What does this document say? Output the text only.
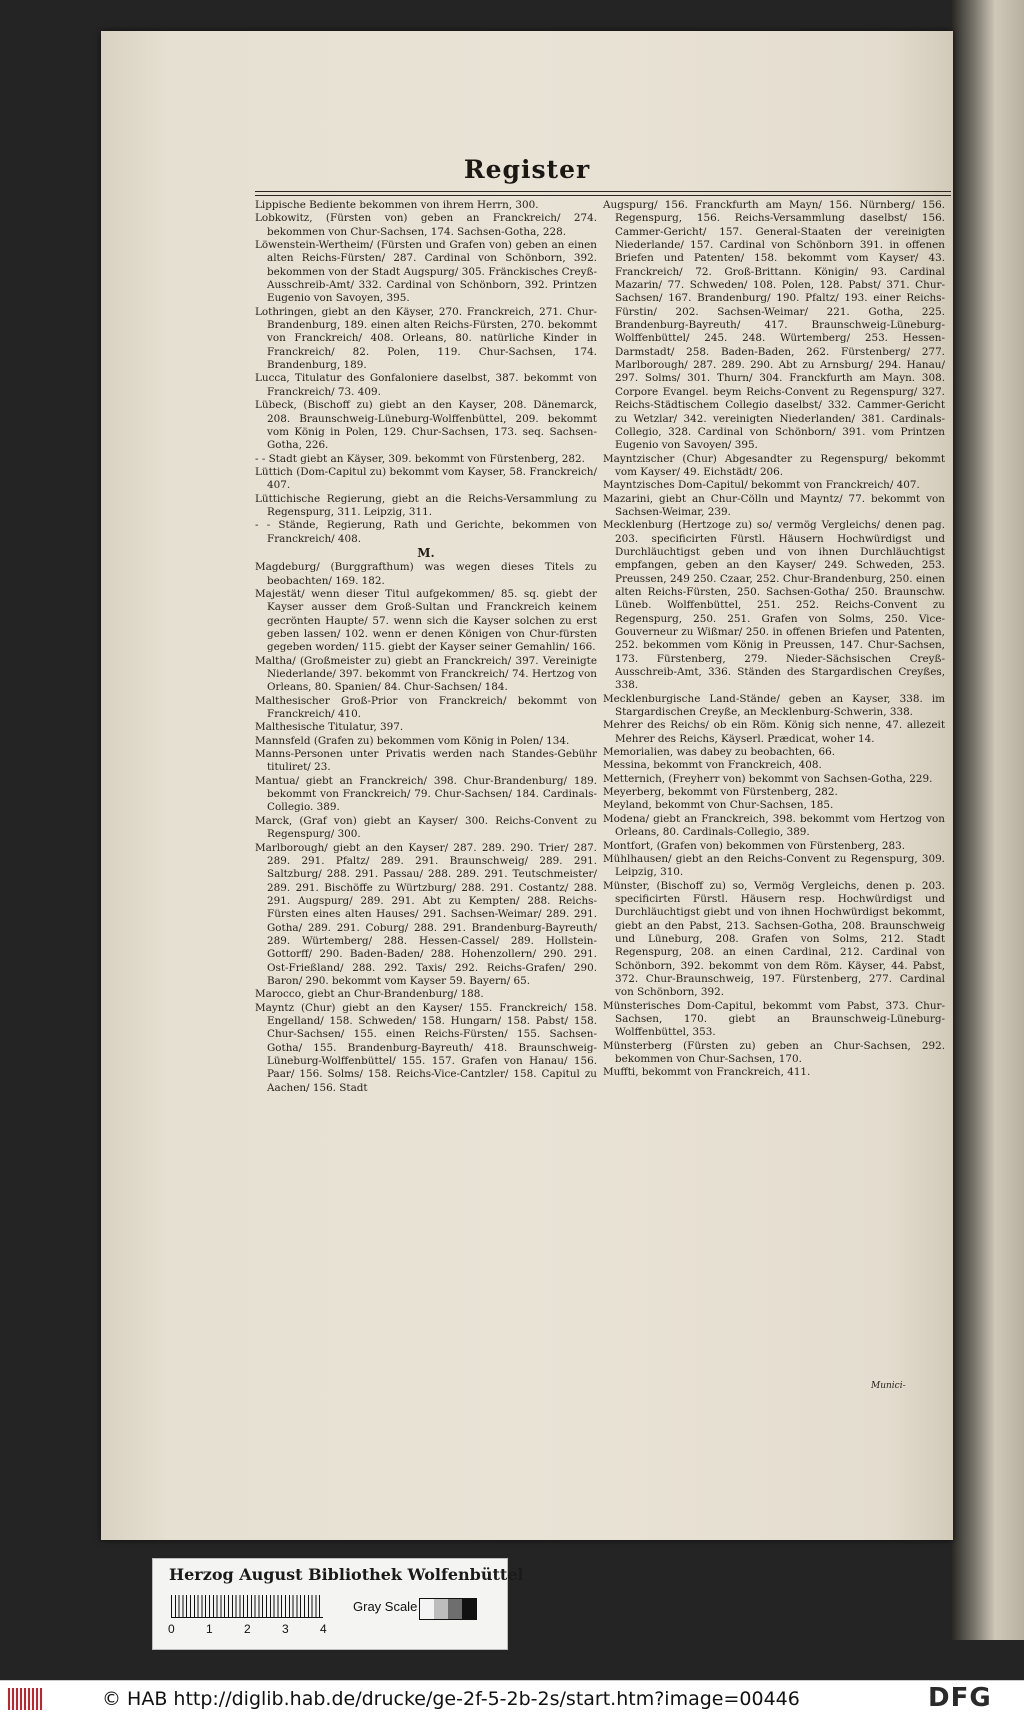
Register

Lippische Bediente bekommen von ihrem Herrn, 300.

Lobkowitz, (Fürsten von) geben an Franckreich/ 274. bekommen von Chur-Sachsen, 174. Sachsen-Gotha, 228.

Löwenstein-Wertheim/ (Fürsten und Grafen von) geben an einen alten Reichs-Fürsten/ 287. Cardinal von Schönborn, 392. bekommen von der Stadt Augspurg/ 305. Fränckisches Creyß-Ausschreib-Amt/ 332. Cardinal von Schönborn, 392. Printzen Eugenio von Savoyen, 395.

Lothringen, giebt an den Käyser, 270. Franckreich, 271. Chur-Brandenburg, 189. einen alten Reichs-Fürsten, 270. bekommt von Franckreich/ 408. Orleans, 80. natürliche Kinder in Franckreich/ 82. Polen, 119. Chur-Sachsen, 174. Brandenburg, 189.

Lucca, Titulatur des Gonfaloniere daselbst, 387. bekommt von Franckreich/ 73. 409.

Lübeck, (Bischoff zu) giebt an den Kayser, 208. Dänemarck, 208. Braunschweig-Lüneburg-Wolffenbüttel, 209. bekommt vom König in Polen, 129. Chur-Sachsen, 173. seq. Sachsen-Gotha, 226.

- - Stadt giebt an Käyser, 309. bekommt von Fürstenberg, 282.

Lüttich (Dom-Capitul zu) bekommt vom Kayser, 58. Franckreich/ 407.

Lüttichische Regierung, giebt an die Reichs-Versammlung zu Regenspurg, 311. Leipzig, 311.

- - Stände, Regierung, Rath und Gerichte, bekommen von Franckreich/ 408.

M.

Magdeburg/ (Burggrafthum) was wegen dieses Titels zu beobachten/ 169. 182.

Majestät/ wenn dieser Titul aufgekommen/ 85. sq. giebt der Kayser ausser dem Groß-Sultan und Franckreich keinem gecrönten Haupte/ 57. wenn sich die Kayser solchen zu erst geben lassen/ 102. wenn er denen Königen von Chur-fürsten gegeben worden/ 115. giebt der Kayser seiner Gemahlin/ 166.

Maltha/ (Großmeister zu) giebt an Franckreich/ 397. Vereinigte Niederlande/ 397. bekommt von Franckreich/ 74. Hertzog von Orleans, 80. Spanien/ 84. Chur-Sachsen/ 184.

Malthesischer Groß-Prior von Franckreich/ bekommt von Franckreich/ 410.

Malthesische Titulatur, 397.

Mannsfeld (Grafen zu) bekommen vom König in Polen/ 134.

Manns-Personen unter Privatis werden nach Standes-Gebühr tituliret/ 23.

Mantua/ giebt an Franckreich/ 398. Chur-Brandenburg/ 189. bekommt von Franckreich/ 79. Chur-Sachsen/ 184. Cardinals-Collegio. 389.

Marck, (Graf von) giebt an Kayser/ 300. Reichs-Convent zu Regenspurg/ 300.

Marlborough/ giebt an den Kayser/ 287. 289. 290. Trier/ 287. 289. 291. Pfaltz/ 289. 291. Braunschweig/ 289. 291. Saltzburg/ 288. 291. Passau/ 288. 289. 291. Teutschmeister/ 289. 291. Bischöffe zu Würtzburg/ 288. 291. Costantz/ 288. 291. Augspurg/ 289. 291. Abt zu Kempten/ 288. Reichs-Fürsten eines alten Hauses/ 291. Sachsen-Weimar/ 289. 291. Gotha/ 289. 291. Coburg/ 288. 291. Brandenburg-Bayreuth/ 289. Würtemberg/ 288. Hessen-Cassel/ 289. Hollstein-Gottorff/ 290. Baden-Baden/ 288. Hohenzollern/ 290. 291. Ost-Frießland/ 288. 292. Taxis/ 292. Reichs-Grafen/ 290. Baron/ 290. bekommt vom Kayser 59. Bayern/ 65.

Marocco, giebt an Chur-Brandenburg/ 188.

Mayntz (Chur) giebt an den Kayser/ 155. Franckreich/ 158. Engelland/ 158. Schweden/ 158. Hungarn/ 158. Pabst/ 158. Chur-Sachsen/ 155. einen Reichs-Fürsten/ 155. Sachsen-Gotha/ 155. Brandenburg-Bayreuth/ 418. Braunschweig-Lüneburg-Wolffenbüttel/ 155. 157. Grafen von Hanau/ 156. Paar/ 156. Solms/ 158. Reichs-Vice-Cantzler/ 158. Capitul zu Aachen/ 156. Stadt

Augspurg/ 156. Franckfurth am Mayn/ 156. Nürnberg/ 156. Regenspurg, 156. Reichs-Versammlung daselbst/ 156. Cammer-Gericht/ 157. General-Staaten der vereinigten Niederlande/ 157. Cardinal von Schönborn 391. in offenen Briefen und Patenten/ 158. bekommt vom Kayser/ 43. Franckreich/ 72. Groß-Brittann. Königin/ 93. Cardinal Mazarin/ 77. Schweden/ 108. Polen, 128. Pabst/ 371. Chur-Sachsen/ 167. Brandenburg/ 190. Pfaltz/ 193. einer Reichs-Fürstin/ 202. Sachsen-Weimar/ 221. Gotha, 225. Brandenburg-Bayreuth/ 417. Braunschweig-Lüneburg-Wolffenbüttel/ 245. 248. Würtemberg/ 253. Hessen-Darmstadt/ 258. Baden-Baden, 262. Fürstenberg/ 277. Marlborough/ 287. 289. 290. Abt zu Arnsburg/ 294. Hanau/ 297. Solms/ 301. Thurn/ 304. Franckfurth am Mayn. 308. Corpore Evangel. beym Reichs-Convent zu Regenspurg/ 327. Reichs-Städtischem Collegio daselbst/ 332. Cammer-Gericht zu Wetzlar/ 342. vereinigten Niederlanden/ 381. Cardinals-Collegio, 328. Cardinal von Schönborn/ 391. vom Printzen Eugenio von Savoyen/ 395.

Mayntzischer (Chur) Abgesandter zu Regenspurg/ bekommt vom Kayser/ 49. Eichstädt/ 206.

Mayntzisches Dom-Capitul/ bekommt von Franckreich/ 407.

Mazarini, giebt an Chur-Cölln und Mayntz/ 77. bekommt von Sachsen-Weimar, 239.

Mecklenburg (Hertzoge zu) so/ vermög Vergleichs/ denen pag. 203. specificirten Fürstl. Häusern Hochwürdigst und Durchläuchtigst geben und von ihnen Durchläuchtigst empfangen, geben an den Kayser/ 249. Schweden, 253. Preussen, 249 250. Czaar, 252. Chur-Brandenburg, 250. einen alten Reichs-Fürsten, 250. Sachsen-Gotha/ 250. Braunschw. Lüneb. Wolffenbüttel, 251. 252. Reichs-Convent zu Regenspurg, 250. 251. Grafen von Solms, 250. Vice-Gouverneur zu Wißmar/ 250. in offenen Briefen und Patenten, 252. bekommen vom König in Preussen, 147. Chur-Sachsen, 173. Fürstenberg, 279. Nieder-Sächsischen Creyß-Ausschreib-Amt, 336. Ständen des Stargardischen Creyßes, 338.

Mecklenburgische Land-Stände/ geben an Kayser, 338. im Stargardischen Creyße, an Mecklenburg-Schwerin, 338.

Mehrer des Reichs/ ob ein Röm. König sich nenne, 47. allezeit Mehrer des Reichs, Käyserl. Prædicat, woher 14.

Memorialien, was dabey zu beobachten, 66.

Messina, bekommt von Franckreich, 408.

Metternich, (Freyherr von) bekommt von Sachsen-Gotha, 229.

Meyerberg, bekommt von Fürstenberg, 282.

Meyland, bekommt von Chur-Sachsen, 185.

Modena/ giebt an Franckreich, 398. bekommt vom Hertzog von Orleans, 80. Cardinals-Collegio, 389.

Montfort, (Grafen von) bekommen von Fürstenberg, 283.

Mühlhausen/ giebt an den Reichs-Convent zu Regenspurg, 309. Leipzig, 310.

Münster, (Bischoff zu) so, Vermög Vergleichs, denen p. 203. specificirten Fürstl. Häusern resp. Hochwürdigst und Durchläuchtigst giebt und von ihnen Hochwürdigst bekommt, giebt an den Pabst, 213. Sachsen-Gotha, 208. Braunschweig und Lüneburg, 208. Grafen von Solms, 212. Stadt Regenspurg, 208. an einen Cardinal, 212. Cardinal von Schönborn, 392. bekommt von dem Röm. Käyser, 44. Pabst, 372. Chur-Braunschweig, 197. Fürstenberg, 277. Cardinal von Schönborn, 392.

Münsterisches Dom-Capitul, bekommt vom Pabst, 373. Chur-Sachsen, 170. giebt an Braunschweig-Lüneburg-Wolffenbüttel, 353.

Münsterberg (Fürsten zu) geben an Chur-Sachsen, 292. bekommen von Chur-Sachsen, 170.

Muffti, bekommt von Franckreich, 411.

Munici-
Herzog August Bibliothek Wolfenbüttel
0	1	2	3	4
Gray Scale
© HAB http://diglib.hab.de/drucke/ge-2f-5-2b-2s/start.htm?image=00446	DFG
